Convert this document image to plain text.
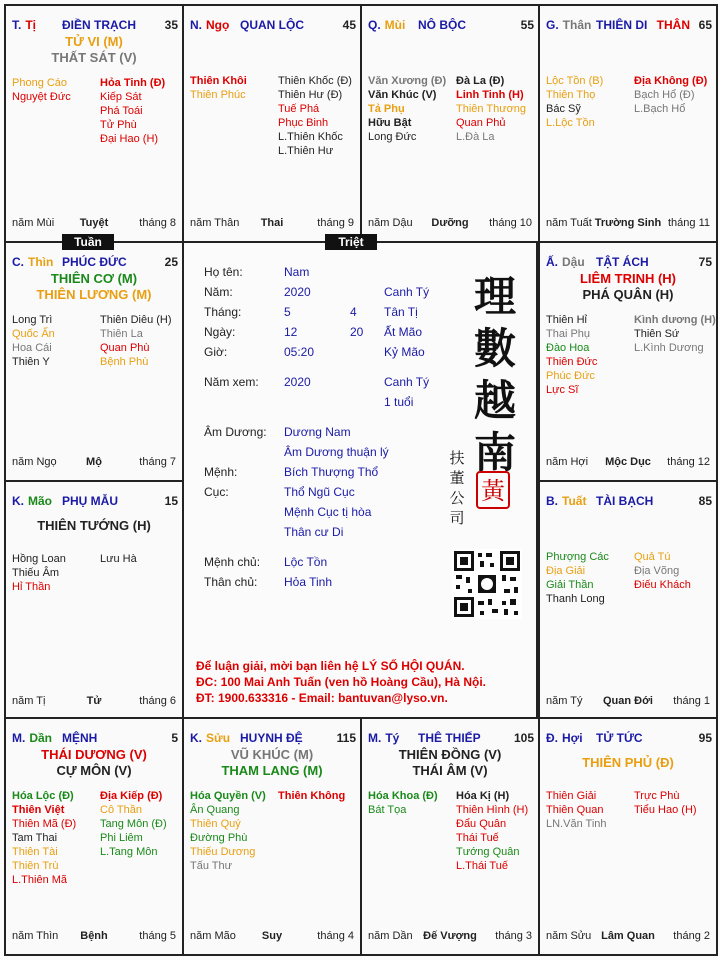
T. Tị ĐIỀN TRẠCH 35
TỬ VI (M)
THẤT SÁT (V)
Phong Cáo
Nguyệt Đức
Hỏa Tinh (Đ)
Kiếp Sát
Phá Toái
Tử Phù
Đại Hao (H)
năm Mùi	Tuyệt	tháng 8
N. Ngọ QUAN LỘC	45
Thiên Khôi
Thiên Phúc
Thiên Khốc (Đ)
Thiên Hư (Đ)
Tuế Phá
Phục Binh
L.Thiên Khốc
L.Thiên Hư
năm Thân	Thai	tháng 9
Q. Mùi NÔ BỘC	55
Văn Xương (Đ)
Văn Khúc (V)
Tả Phụ
Hữu Bật
Long Đức
Đà La (Đ)
Linh Tinh (H)
Thiên Thương
Quan Phủ
L.Đà La
năm Dậu	Dưỡng	tháng 10
G. Thân THIÊN DI THÂN 65
Lộc Tồn (B)
Thiên Thọ
Bác Sỹ
L.Lộc Tồn
Địa Không (Đ)
Bạch Hổ (Đ)
L.Bạch Hổ
năm Tuất Trường Sinh tháng 11
C. Thìn PHÚC ĐỨC	25
THIÊN CƠ (M)
THIÊN LƯƠNG (M)
Long Trì
Quốc Ấn
Hoa Cái
Thiên Y
Thiên Diêu (H)
Thiên La
Quan Phù
Bệnh Phù
năm Ngọ	Mộ	tháng 7
Ấ. Dậu TẬT ÁCH	75
LIÊM TRINH (H)
PHÁ QUÂN (H)
Thiên Hỉ
Thai Phụ
Đào Hoa
Thiên Đức
Phúc Đức
Lực Sĩ
Kình dương (H)
Thiên Sứ
L.Kình Dương
năm Hợi	Mộc Dục	tháng 12
K. Mão PHỤ MẪU	15
THIÊN TƯỚNG (H)
Hồng Loan
Thiếu Âm
Hỉ Thần
Lưu Hà
năm Tị	Tử	tháng 6
B. Tuất TÀI BẠCH	85
Phượng Các
Địa Giải
Giải Thần
Thanh Long
Quả Tú
Địa Võng
Điếu Khách
năm Tý	Quan Đới	tháng 1
M. Dần MỆNH	5
THÁI DƯƠNG (V)
CỰ MÔN (V)
Hóa Lộc (Đ)
Thiên Việt
Thiên Mã (Đ)
Tam Thai
Thiên Tài
Thiên Trù
L.Thiên Mã
Địa Kiếp (Đ)
Cô Thần
Tang Môn (Đ)
Phi Liêm
L.Tang Môn
năm Thìn	Bệnh	tháng 5
K. Sửu HUYNH ĐỆ	115
VŨ KHÚC (M)
THAM LANG (M)
Hóa Quyền (V)
Ân Quang
Thiên Quý
Đường Phù
Thiếu Dương
Tấu Thư
Thiên Không
năm Mão	Suy	tháng 4
M. Tý THÊ THIẾP	105
THIÊN ĐỒNG (V)
THÁI ÂM (V)
Hóa Khoa (Đ)
Bát Tọa
Hóa Kị (H)
Thiên Hình (H)
Đẩu Quân
Thái Tuế
Tướng Quân
L.Thái Tuế
năm Dần Đế Vượng	tháng 3
Đ. Hợi TỬ TỨC	95
THIÊN PHỦ (Đ)
Thiên Giải
Thiên Quan
LN.Văn Tinh
Trực Phù
Tiểu Hao (H)
năm Sửu Lâm Quan	tháng 2
Họ tên:	Nam
Năm:	2020	Canh Tý
Tháng:	5	4 Tân Tị
Ngày:	12	20 Ất Mão
Giờ:	05:20	Kỷ Mão
Năm xem: 2020	Canh Tý
1 tuổi
Âm Dương: Dương Nam
Âm Dương thuận lý
Mệnh:	Bích Thượng Thổ
Cục:	Thổ Ngũ Cục
Mệnh Cục tị hòa
Thân cư Di
Mệnh chủ: Lộc Tồn
Thân chủ: Hỏa Tinh
理
數
越
南
扶
董
公
司
黃
Để luận giải, mời bạn liên hệ LÝ SỐ HỘI QUÁN.
ĐC: 100 Mai Anh Tuấn (ven hồ Hoàng Cầu), Hà Nội.
ĐT: 1900.633316 - Email: bantuvan@lyso.vn.
Tuần	Triệt
